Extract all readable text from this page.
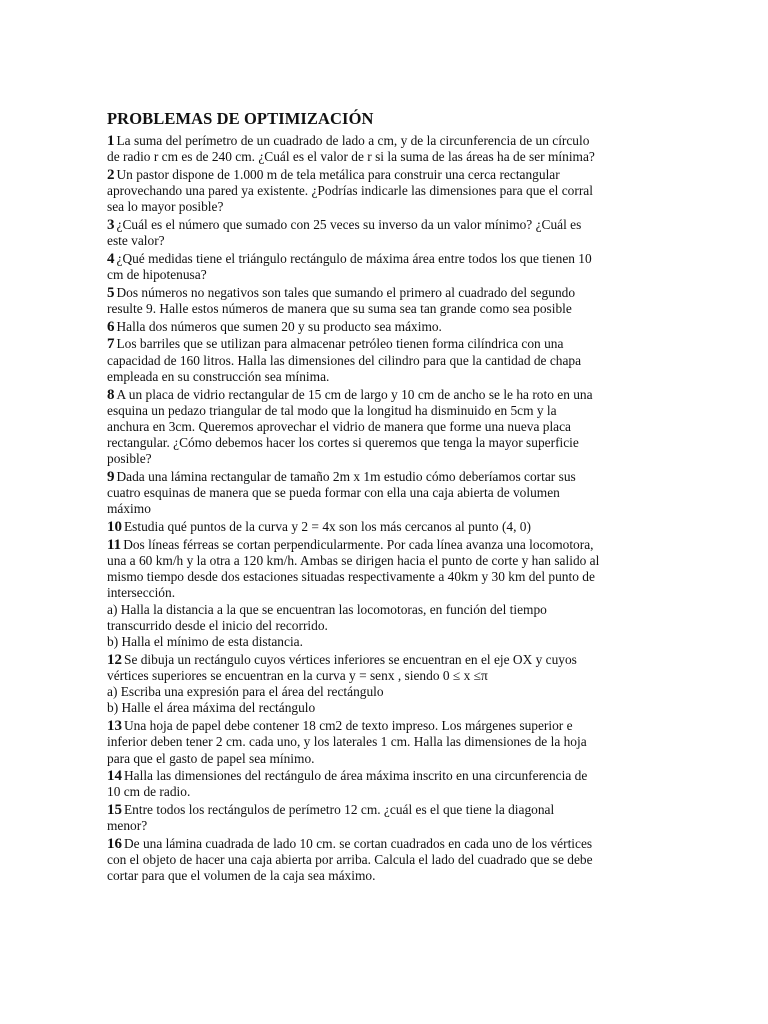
PROBLEMAS DE OPTIMIZACIÓN
1 La suma del perímetro de un cuadrado de lado a cm, y de la circunferencia de un círculo
de radio r cm es de 240 cm. ¿Cuál es el valor de r si la suma de las áreas ha de ser mínima?
2 Un pastor dispone de 1.000 m de tela metálica para construir una cerca rectangular
aprovechando una pared ya existente. ¿Podrías indicarle las dimensiones para que el corral
sea lo mayor posible?
3 ¿Cuál es el número que sumado con 25 veces su inverso da un valor mínimo? ¿Cuál es
este valor?
4 ¿Qué medidas tiene el triángulo rectángulo de máxima área entre todos los que tienen 10
cm de hipotenusa?
5 Dos números no negativos son tales que sumando el primero al cuadrado del segundo
resulte 9. Halle estos números de manera que su suma sea tan grande como sea posible
6 Halla dos números que sumen 20 y su producto sea máximo.
7 Los barriles que se utilizan para almacenar petróleo tienen forma cilíndrica con una
capacidad de 160 litros. Halla las dimensiones del cilindro para que la cantidad de chapa
empleada en su construcción sea mínima.
8 A un placa de vidrio rectangular de 15 cm de largo y 10 cm de ancho se le ha roto en una
esquina un pedazo triangular de tal modo que la longitud ha disminuido en 5cm y la
anchura en 3cm. Queremos aprovechar el vidrio de manera que forme una nueva placa
rectangular. ¿Cómo debemos hacer los cortes si queremos que tenga la mayor superficie
posible?
9 Dada una lámina rectangular de tamaño 2m x 1m estudio cómo deberíamos cortar sus
cuatro esquinas de manera que se pueda formar con ella una caja abierta de volumen
máximo
10 Estudia qué puntos de la curva y 2 = 4x son los más cercanos al punto (4, 0)
11 Dos líneas férreas se cortan perpendicularmente. Por cada línea avanza una locomotora,
una a 60 km/h y la otra a 120 km/h. Ambas se dirigen hacia el punto de corte y han salido al
mismo tiempo desde dos estaciones situadas respectivamente a 40km y 30 km del punto de
intersección.
a) Halla la distancia a la que se encuentran las locomotoras, en función del tiempo
transcurrido desde el inicio del recorrido.
b) Halla el mínimo de esta distancia.
12 Se dibuja un rectángulo cuyos vértices inferiores se encuentran en el eje OX y cuyos
vértices superiores se encuentran en la curva y = senx , siendo 0 ≤ x ≤π
a) Escriba una expresión para el área del rectángulo
b) Halle el área máxima del rectángulo
13 Una hoja de papel debe contener 18 cm2 de texto impreso. Los márgenes superior e
inferior deben tener 2 cm. cada uno, y los laterales 1 cm. Halla las dimensiones de la hoja
para que el gasto de papel sea mínimo.
14 Halla las dimensiones del rectángulo de área máxima inscrito en una circunferencia de
10 cm de radio.
15 Entre todos los rectángulos de perímetro 12 cm. ¿cuál es el que tiene la diagonal
menor?
16 De una lámina cuadrada de lado 10 cm. se cortan cuadrados en cada uno de los vértices
con el objeto de hacer una caja abierta por arriba. Calcula el lado del cuadrado que se debe
cortar para que el volumen de la caja sea máximo.
